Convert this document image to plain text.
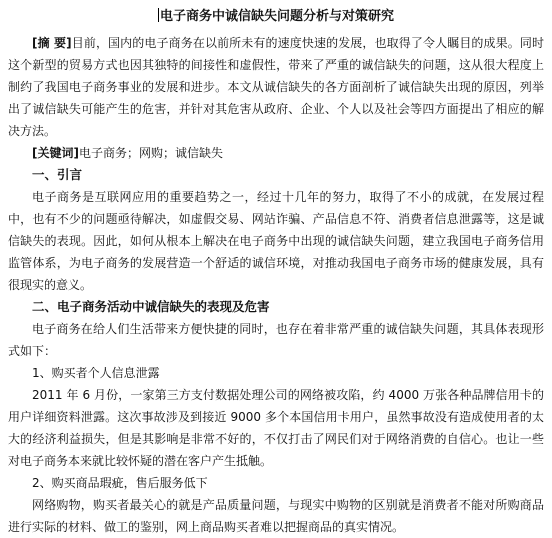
电子商务中诚信缺失问题分析与对策研究

[摘 要]目前，国内的电子商务在以前所未有的速度快速的发展，也取得了令人瞩目的成果。同时这个新型的贸易方式也因其独特的间接性和虚假性，带来了严重的诚信缺失的问题，这从很大程度上制约了我国电子商务事业的发展和进步。本文从诚信缺失的各方面剖析了诚信缺失出现的原因，列举出了诚信缺失可能产生的危害，并针对其危害从政府、企业、个人以及社会等四方面提出了相应的解决方法。

[关键词]电子商务；网购；诚信缺失

一、引言

电子商务是互联网应用的重要趋势之一，经过十几年的努力，取得了不小的成就，在发展过程中，也有不少的问题亟待解决，如虚假交易、网站诈骗、产品信息不符、消费者信息泄露等，这是诚信缺失的表现。因此，如何从根本上解决在电子商务中出现的诚信缺失问题，建立我国电子商务信用监管体系，为电子商务的发展营造一个舒适的诚信环境，对推动我国电子商务市场的健康发展，具有很现实的意义。

二、电子商务活动中诚信缺失的表现及危害

电子商务在给人们生活带来方便快捷的同时，也存在着非常严重的诚信缺失问题，其具体表现形式如下：

1、购买者个人信息泄露

2011 年 6 月份，一家第三方支付数据处理公司的网络被攻陷，约 4000 万张各种品牌信用卡的用户详细资料泄露。这次事故涉及到接近 9000 多个本国信用卡用户，虽然事故没有造成使用者的太大的经济利益损失，但是其影响是非常不好的，不仅打击了网民们对于网络消费的自信心。也让一些对电子商务本来就比较怀疑的潜在客户产生抵触。

2、购买商品瑕疵，售后服务低下

网络购物，购买者最关心的就是产品质量问题，与现实中购物的区别就是消费者不能对所购商品进行实际的材料、做工的鉴别，网上商品购买者难以把握商品的真实情况。
